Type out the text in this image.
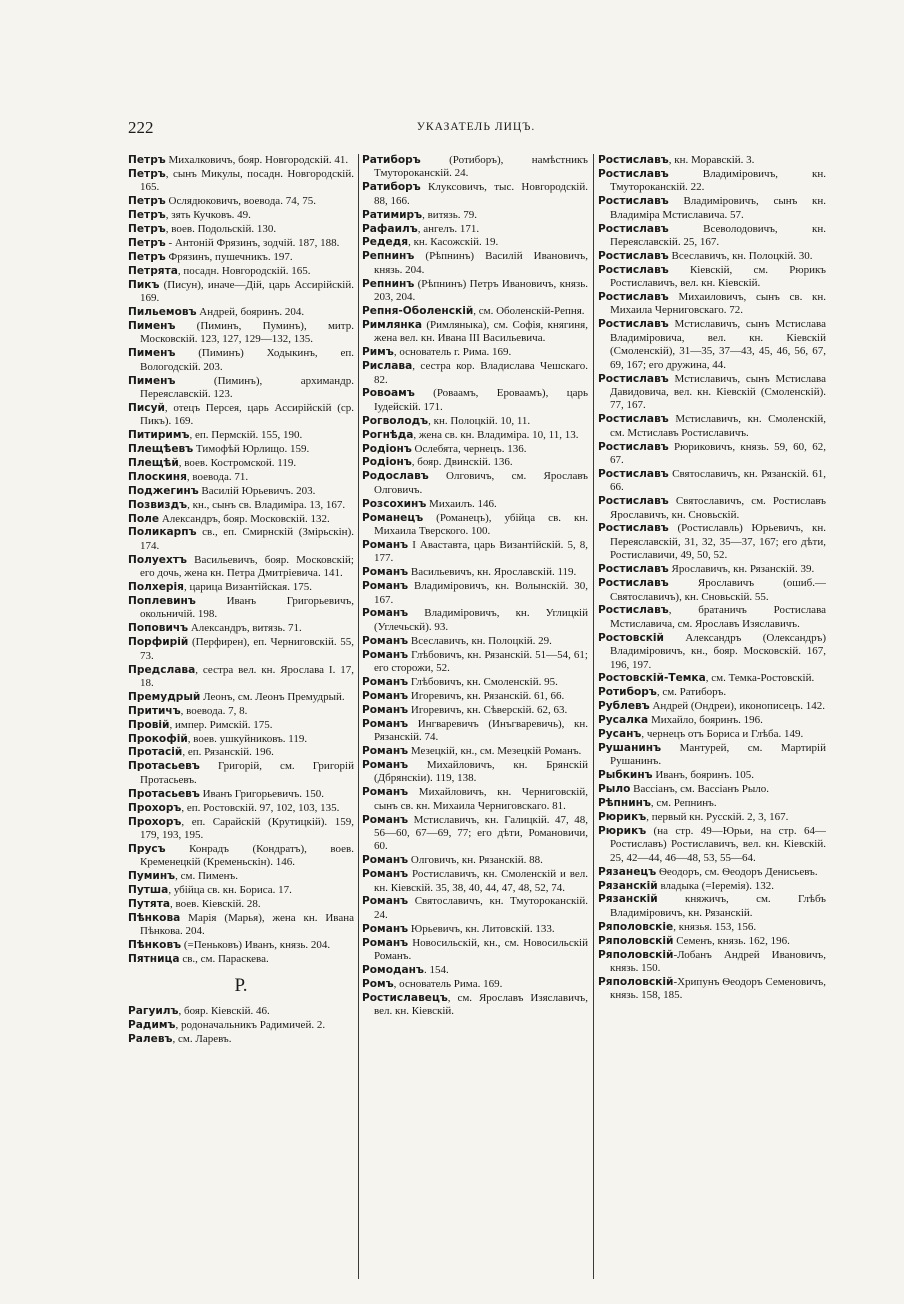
222	УКАЗАТЕЛЬ ЛИЦЪ.

Петръ Михалковичъ, бояр. Новгородскій. 41.

Петръ, сынъ Микулы, посадн. Новгородскій. 165.

Петръ Ослядюковичъ, воевода. 74, 75.

Петръ, зять Кучковъ. 49.

Петръ, воев. Подольскій. 130.

Петръ - Антоній Фрязинъ, зодчій. 187, 188.

Петръ Фрязинъ, пушечникъ. 197.

Петрята, посадн. Новгородскій. 165.

Пикъ (Писун), иначе—Дій, царь Ассирійскій. 169.

Пильемовъ Андрей, бояринъ. 204.

Пименъ (Пиминъ, Пуминъ), митр. Московскій. 123, 127, 129—132, 135.

Пименъ (Пиминъ) Ходыкинъ, еп. Вологодскій. 203.

Пименъ (Пиминъ), архимандр. Переяславскій. 123.

Писуй, отецъ Персея, царь Ассирійскій (ср. Пикъ). 169.

Питиримъ, еп. Пермскій. 155, 190.

Плещѣевъ Тимофѣй Юрлищо. 159.

Плещѣй, воев. Костромской. 119.

Плоскиня, воевода. 71.

Поджегинъ Василій Юрьевичъ. 203.

Позвиздъ, кн., сынъ св. Владиміра. 13, 167.

Поле Александръ, бояр. Московскій. 132.

Поликарпъ св., еп. Смирнскій (Змірьскін). 174.

Полуехтъ Васильевичъ, бояр. Московскій; его дочь, жена кн. Петра Дмитріевича. 141.

Полхерія, царица Византійская. 175.

Поплевинъ Иванъ Григорьевичъ, окольничій. 198.

Поповичъ Александръ, витязь. 71.

Порфирій (Перфирен), еп. Черниговскій. 55, 73.

Предслава, сестра вел. кн. Ярослава I. 17, 18.

Премудрый Леонъ, см. Леонъ Премудрый.

Притичъ, воевода. 7, 8.

Провій, импер. Римскій. 175.

Прокофій, воев. ушкуйниковъ. 119.

Протасій, еп. Рязанскій. 196.

Протасьевъ Григорій, см. Григорій Протасьевъ.

Протасьевъ Иванъ Григорьевичъ. 150.

Прохоръ, еп. Ростовскій. 97, 102, 103, 135.

Прохоръ, еп. Сарайскій (Крутицкій). 159, 179, 193, 195.

Прусъ Конрадъ (Кондратъ), воев. Кременецкій (Кременьскін). 146.

Пуминъ, см. Пименъ.

Путша, убійца св. кн. Бориса. 17.

Путята, воев. Кіевскій. 28.

Пѣнкова Марія (Марья), жена кн. Ивана Пѣнкова. 204.

Пѣнковъ (=Пеньковъ) Иванъ, князь. 204.

Пятница св., см. Параскева.

Р.

Рагуилъ, бояр. Кіевскій. 46.

Радимъ, родоначальникъ Радимичей. 2.

Ралевъ, см. Ларевъ.

Ратиборъ (Ротиборъ), намѣстникъ Тмутороканскій. 24.

Ратиборъ Клуксовичъ, тыс. Новгородскій. 88, 166.

Ратимиръ, витязь. 79.

Рафаилъ, ангелъ. 171.

Редедя, кн. Касожскій. 19.

Репнинъ (Рѣпнинъ) Василій Ивановичъ, князь. 204.

Репнинъ (Рѣпнинъ) Петръ Ивановичъ, князь. 203, 204.

Репня-Оболенскій, см. Оболенскій-Репня.

Римлянка (Римляныка), см. Софія, княгиня, жена вел. кн. Ивана III Васильевича.

Римъ, основатель г. Рима. 169.

Рислава, сестра кор. Владислава Чешскаго. 82.

Ровоамъ (Роваамъ, Ероваамъ), царь Іудейскій. 171.

Рогволодъ, кн. Полоцкій. 10, 11.

Рогнѣда, жена св. кн. Владиміра. 10, 11, 13.

Родіонъ Ослебята, чернецъ. 136.

Родіонъ, бояр. Двинскій. 136.

Родославъ Олговичъ, см. Ярославъ Олговичъ.

Розсохинъ Михаилъ. 146.

Романецъ (Романецъ), убійца св. кн. Михаила Тверского. 100.

Романъ I Аваставта, царь Византійскій. 5, 8, 177.

Романъ Васильевичъ, кн. Ярославскій. 119.

Романъ Владиміровичъ, кн. Волынскій. 30, 167.

Романъ Владиміровичъ, кн. Углицкій (Углечьскй). 93.

Романъ Всеславичъ, кн. Полоцкій. 29.

Романъ Глѣбовичъ, кн. Рязанскій. 51—54, 61; его сторожи, 52.

Романъ Глѣбовичъ, кн. Смоленскій. 95.

Романъ Игоревичъ, кн. Рязанскій. 61, 66.

Романъ Игоревичъ, кн. Сѣверскій. 62, 63.

Романъ Ингваревичъ (Инъгваревичь), кн. Рязанскій. 74.

Романъ Мезецкій, кн., см. Мезецкій Романъ.

Романъ Михайловичъ, кн. Брянскій (Дбрянскіи). 119, 138.

Романъ Михайловичъ, кн. Черниговскій, сынъ св. кн. Михаила Черниговскаго. 81.

Романъ Мстиславичъ, кн. Галицкій. 47, 48, 56—60, 67—69, 77; его дѣти, Романовичи, 60.

Романъ Олговичъ, кн. Рязанскій. 88.

Романъ Ростиславичъ, кн. Смоленскій и вел. кн. Кіевскій. 35, 38, 40, 44, 47, 48, 52, 74.

Романъ Святославичъ, кн. Тмутороканскій. 24.

Романъ Юрьевичъ, кн. Литовскій. 133.

Романъ Новосильскій, кн., см. Новосильскій Романъ.

Ромоданъ. 154.

Ромъ, основатель Рима. 169.

Ростиславецъ, см. Ярославъ Изяславичъ, вел. кн. Кіевскій.

Ростиславъ, кн. Моравскій. 3.

Ростиславъ Владиміровичъ, кн. Тмутороканскій. 22.

Ростиславъ Владиміровичъ, сынъ кн. Владиміра Мстиславича. 57.

Ростиславъ Всеволодовичъ, кн. Переяславскій. 25, 167.

Ростиславъ Всеславичъ, кн. Полоцкій. 30.

Ростиславъ Кіевскій, см. Рюрикъ Ростиславичъ, вел. кн. Кіевскій.

Ростиславъ Михаиловичъ, сынъ св. кн. Михаила Черниговскаго. 72.

Ростиславъ Мстиславичъ, сынъ Мстислава Владиміровича, вел. кн. Кіевскій (Смоленскій), 31—35, 37—43, 45, 46, 56, 67, 69, 167; его дружина, 44.

Ростиславъ Мстиславичъ, сынъ Мстислава Давидовича, вел. кн. Кіевскій (Смоленскій). 77, 167.

Ростиславъ Мстиславичъ, кн. Смоленскій, см. Мстиславъ Ростиславичъ.

Ростиславъ Рюриковичъ, князь. 59, 60, 62, 67.

Ростиславъ Святославичъ, кн. Рязанскій. 61, 66.

Ростиславъ Святославичъ, см. Ростиславъ Ярославичъ, кн. Сновьскій.

Ростиславъ (Ростиславль) Юрьевичъ, кн. Переяславскій, 31, 32, 35—37, 167; его дѣти, Ростиславичи, 49, 50, 52.

Ростиславъ Ярославичъ, кн. Рязанскій. 39.

Ростиславъ Ярославичъ (ошиб.—Святославичъ), кн. Сновьскій. 55.

Ростиславъ, братаничъ Ростислава Мстиславича, см. Ярославъ Изяславичъ.

Ростовскій Александръ (Олександръ) Владиміровичъ, кн., бояр. Московскій. 167, 196, 197.

Ростовскій-Темка, см. Темка-Ростовскій.

Ротиборъ, см. Ратиборъ.

Рублевъ Андрей (Ондреи), иконописецъ. 142.

Русалка Михайло, бояринъ. 196.

Русанъ, чернецъ отъ Бориса и Глѣба. 149.

Рушанинъ Мантурей, см. Мартирій Рушанинъ.

Рыбкинъ Иванъ, бояринъ. 105.

Рыло Вассіанъ, см. Вассіанъ Рыло.

Рѣпнинъ, см. Репнинъ.

Рюрикъ, первый кн. Русскій. 2, 3, 167.

Рюрикъ (на стр. 49—Юрьи, на стр. 64—Ростиславъ) Ростиславичъ, вел. кн. Кіевскій. 25, 42—44, 46—48, 53, 55—64.

Рязанецъ Ѳеодоръ, см. Ѳеодоръ Денисьевъ.

Рязанскій владыка (=Іеремія). 132.

Рязанскій княжичъ, см. Глѣбъ Владиміровичъ, кн. Рязанскій.

Ряполовскіе, князья. 153, 156.

Ряполовскій Семенъ, князь. 162, 196.

Ряполовскій-Лобанъ Андрей Ивановичъ, князь. 150.

Ряполовскій-Хрипунъ Ѳеодоръ Семеновичъ, князь. 158, 185.
